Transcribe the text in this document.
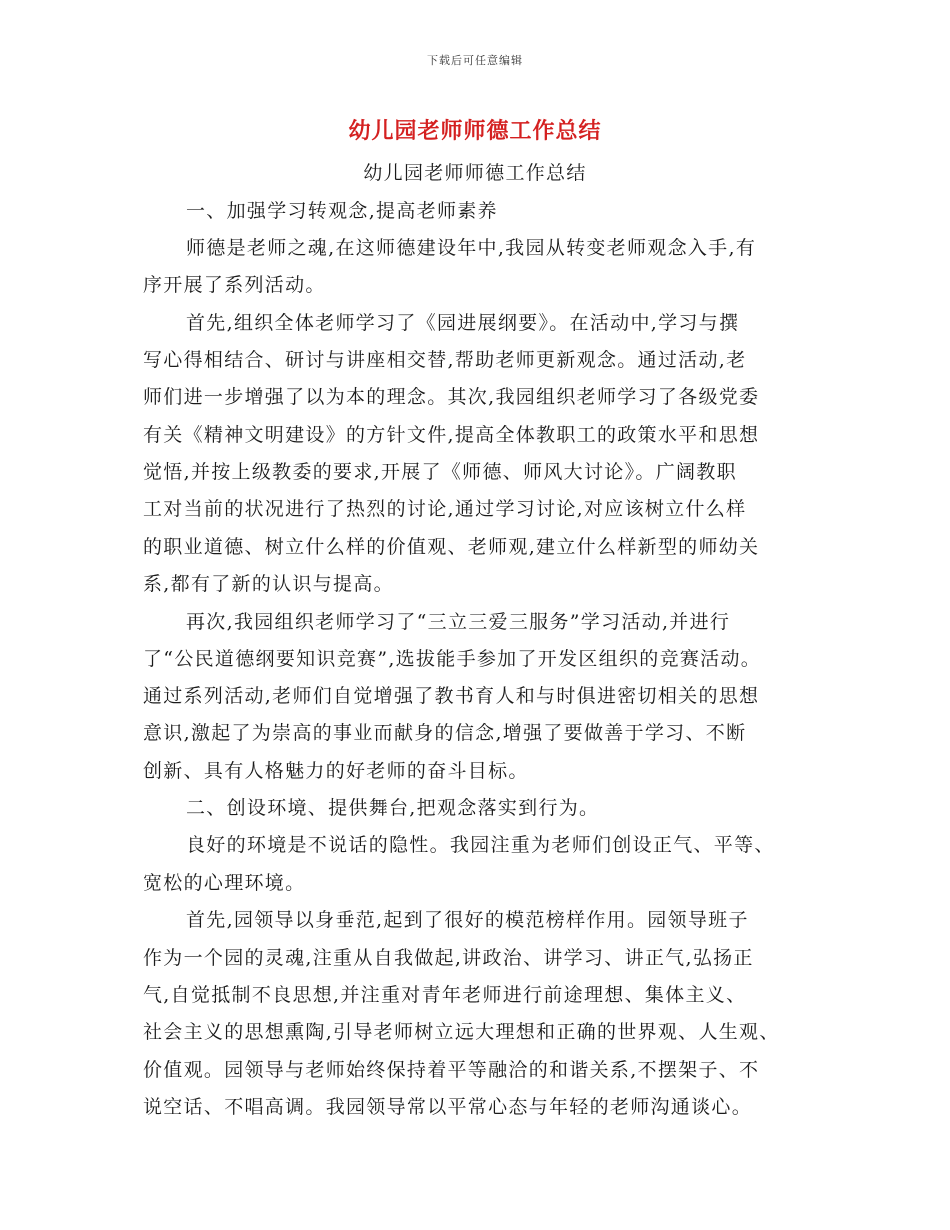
下载后可任意编辑
幼儿园老师师德工作总结
幼儿园老师师德工作总结
一、加强学习转观念,提高老师素养
师德是老师之魂,在这师德建设年中,我园从转变老师观念入手,有
序开展了系列活动。
首先,组织全体老师学习了《园进展纲要》。在活动中,学习与撰
写心得相结合、研讨与讲座相交替,帮助老师更新观念。通过活动,老
师们进一步增强了以为本的理念。其次,我园组织老师学习了各级党委
有关《精神文明建设》的方针文件,提高全体教职工的政策水平和思想
觉悟,并按上级教委的要求,开展了《师德、师风大讨论》。广阔教职
工对当前的状况进行了热烈的讨论,通过学习讨论,对应该树立什么样
的职业道德、树立什么样的价值观、老师观,建立什么样新型的师幼关
系,都有了新的认识与提高。
再次,我园组织老师学习了“三立三爱三服务”学习活动,并进行
了“公民道德纲要知识竞赛”,选拔能手参加了开发区组织的竞赛活动。
通过系列活动,老师们自觉增强了教书育人和与时俱进密切相关的思想
意识,激起了为崇高的事业而献身的信念,增强了要做善于学习、不断
创新、具有人格魅力的好老师的奋斗目标。
二、创设环境、提供舞台,把观念落实到行为。
良好的环境是不说话的隐性。我园注重为老师们创设正气、平等、
宽松的心理环境。
首先,园领导以身垂范,起到了很好的模范榜样作用。园领导班子
作为一个园的灵魂,注重从自我做起,讲政治、讲学习、讲正气,弘扬正
气,自觉抵制不良思想,并注重对青年老师进行前途理想、集体主义、
社会主义的思想熏陶,引导老师树立远大理想和正确的世界观、人生观、
价值观。园领导与老师始终保持着平等融洽的和谐关系,不摆架子、不
说空话、不唱高调。我园领导常以平常心态与年轻的老师沟通谈心。
